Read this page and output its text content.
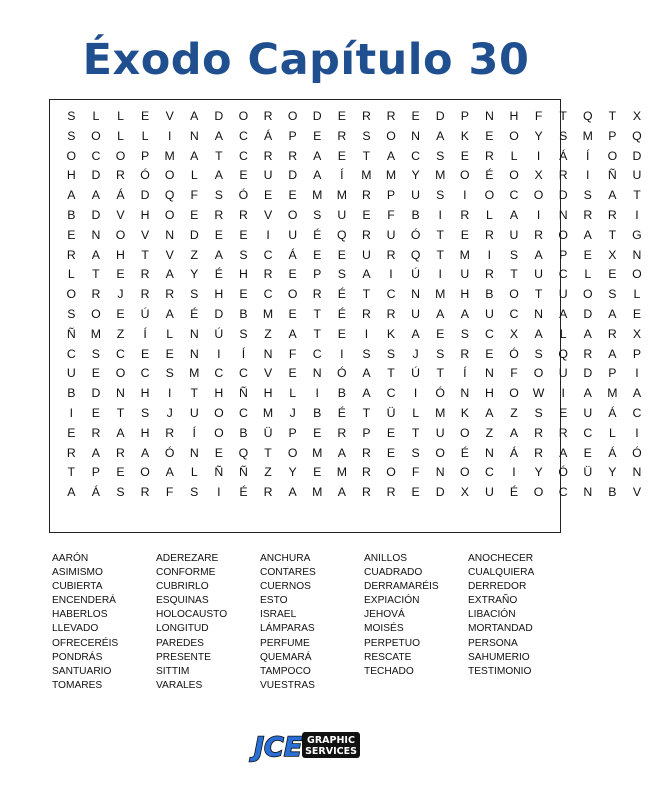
Éxodo Capítulo 30
S	L	L	E	V	A	D	O	R	O	D	E	R	R	E	D	P	N	H	F	T	Q	T	X
S	O	L	L	I	N	A	C	Á	P	E	R	S	O	N	A	K	E	O	Y	S	M	P	Q
O	C	O	P	M	A	T	C	R	R	A	E	T	A	C	S	E	R	L	I	Á	Í	O	D
H	D	R	Ó	O	L	A	E	U	D	A	Í	M	M	Y	M	O	É	O	X	R	I	Ñ	U
A	A	Á	D	Q	F	S	Ó	E	E	M	M	R	P	U	S	I	O	C	O	D	S	A	T
B	D	V	H	O	E	R	R	V	O	S	U	E	F	B	I	R	L	A	I	N	R	R	I
E	N	O	V	N	D	E	E	I	U	É	Q	R	U	Ó	T	E	R	U	R	O	A	T	G
R	A	H	T	V	Z	A	S	C	Á	E	E	U	R	Q	T	M	I	S	A	P	E	X	N
L	T	E	R	A	Y	É	H	R	E	P	S	A	I	Ú	I	U	R	T	U	C	L	E	O
O	R	J	R	R	S	H	E	C	O	R	É	T	C	N	M	H	B	O	T	U	O	S	L
S	O	E	Ú	A	É	D	B	M	E	T	É	R	R	U	A	A	U	C	N	A	D	A	E
Ñ	M	Z	Í	L	N	Ú	S	Z	A	T	E	I	K	A	E	S	C	X	A	L	A	R	X
C	S	C	E	E	N	I	Í	N	F	C	I	S	S	J	S	R	E	Ó	S	Q	R	A	P
U	E	O	C	S	M	C	C	V	E	N	Ó	A	T	Ú	T	Í	N	F	O	U	D	P	I
B	D	N	H	I	T	H	Ñ	H	L	I	B	A	C	I	Ó	N	H	O	W	I	A	M	A
I	E	T	S	J	U	O	C	M	J	B	É	T	Ü	L	M	K	A	Z	S	E	U	Á	C
E	R	A	H	R	Í	O	B	Ü	P	E	R	P	E	T	U	O	Z	A	R	R	C	L	I
R	A	R	A	Ó	N	E	Q	T	O	M	A	R	E	S	O	É	N	Á	R	A	E	Á	Ó
T	P	E	O	A	L	Ñ	Ñ	Z	Y	E	M	R	O	F	N	O	C	I	Y	Ó	Ü	Y	N
A	Á	S	R	F	S	I	É	R	A	M	A	R	R	E	D	X	U	É	O	C	N	B	V
AARÓN
ASIMISMO
CUBIERTA
ENCENDERÁ
HABERLOS
LLEVADO
OFRECERÉIS
PONDRÁS
SANTUARIO
TOMARES
ADEREZARE
CONFORME
CUBRIRLO
ESQUINAS
HOLOCAUSTO
LONGITUD
PAREDES
PRESENTE
SITTIM
VARALES
ANCHURA
CONTARES
CUERNOS
ESTO
ISRAEL
LÁMPARAS
PERFUME
QUEMARÁ
TAMPOCO
VUESTRAS
ANILLOS
CUADRADO
DERRAMARÉIS
EXPIACIÓN
JEHOVÁ
MOISÉS
PERPETUO
RESCATE
TECHADO
ANOCHECER
CUALQUIERA
DERREDOR
EXTRAÑO
LIBACIÓN
MORTANDAD
PERSONA
SAHUMERIO
TESTIMONIO
JCE GRAPHIC
SERVICES
